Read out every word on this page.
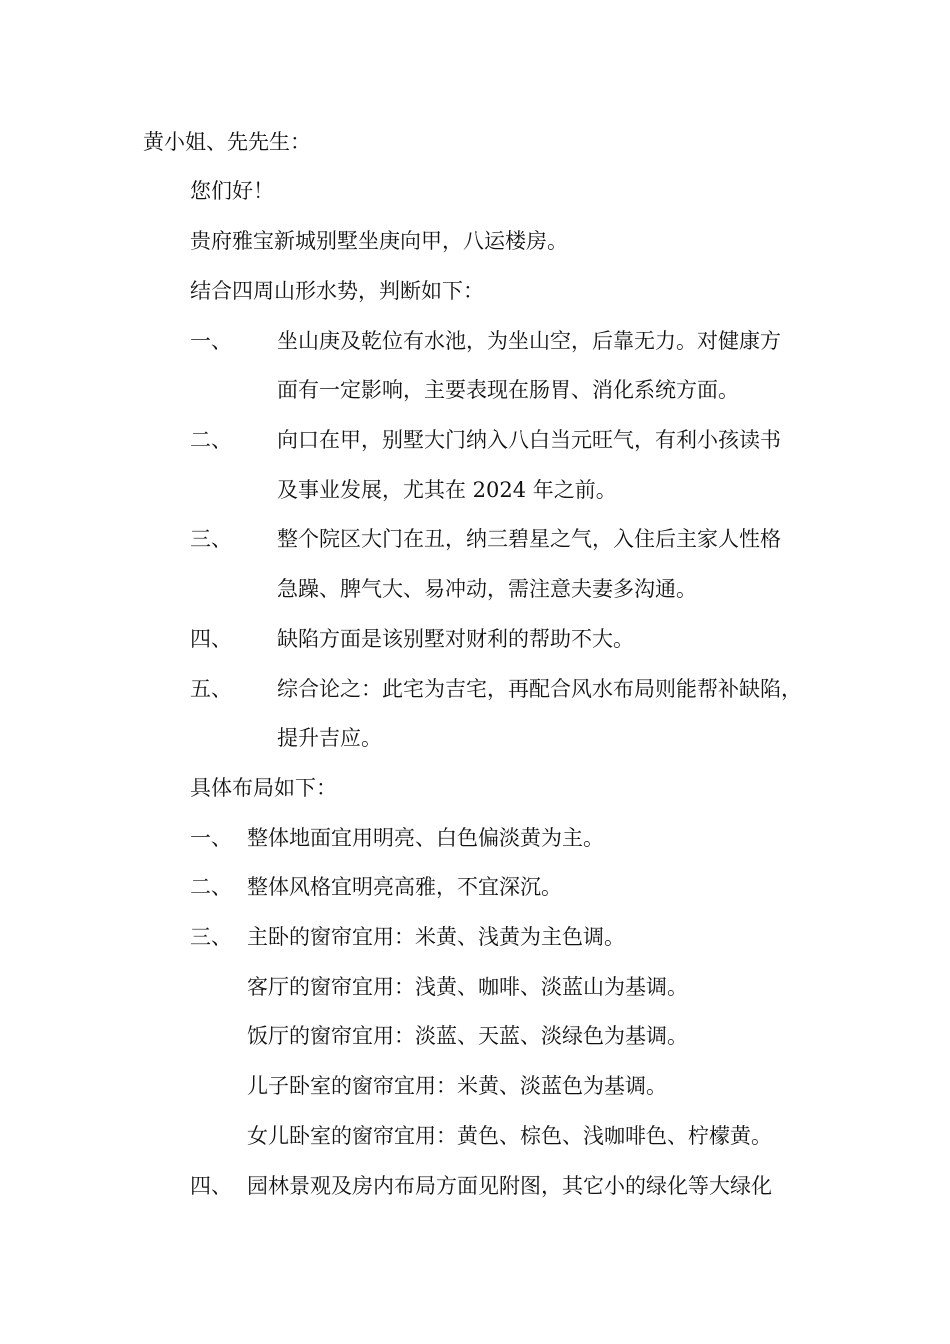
黄小姐、先先生：
您们好！
贵府雅宝新城别墅坐庚向甲，八运楼房。
结合四周山形水势，判断如下：
一、 坐山庚及乾位有水池，为坐山空，后靠无力。对健康方
面有一定影响，主要表现在肠胃、消化系统方面。
二、 向口在甲，别墅大门纳入八白当元旺气，有利小孩读书
及事业发展，尤其在 2024 年之前。
三、 整个院区大门在丑，纳三碧星之气，入住后主家人性格
急躁、脾气大、易冲动，需注意夫妻多沟通。
四、 缺陷方面是该别墅对财利的帮助不大。
五、 综合论之：此宅为吉宅，再配合风水布局则能帮补缺陷，
提升吉应。
具体布局如下：
一、 整体地面宜用明亮、白色偏淡黄为主。
二、 整体风格宜明亮高雅，不宜深沉。
三、 主卧的窗帘宜用：米黄、浅黄为主色调。
客厅的窗帘宜用：浅黄、咖啡、淡蓝山为基调。
饭厅的窗帘宜用：淡蓝、天蓝、淡绿色为基调。
儿子卧室的窗帘宜用：米黄、淡蓝色为基调。
女儿卧室的窗帘宜用：黄色、棕色、浅咖啡色、柠檬黄。
四、 园林景观及房内布局方面见附图，其它小的绿化等大绿化
